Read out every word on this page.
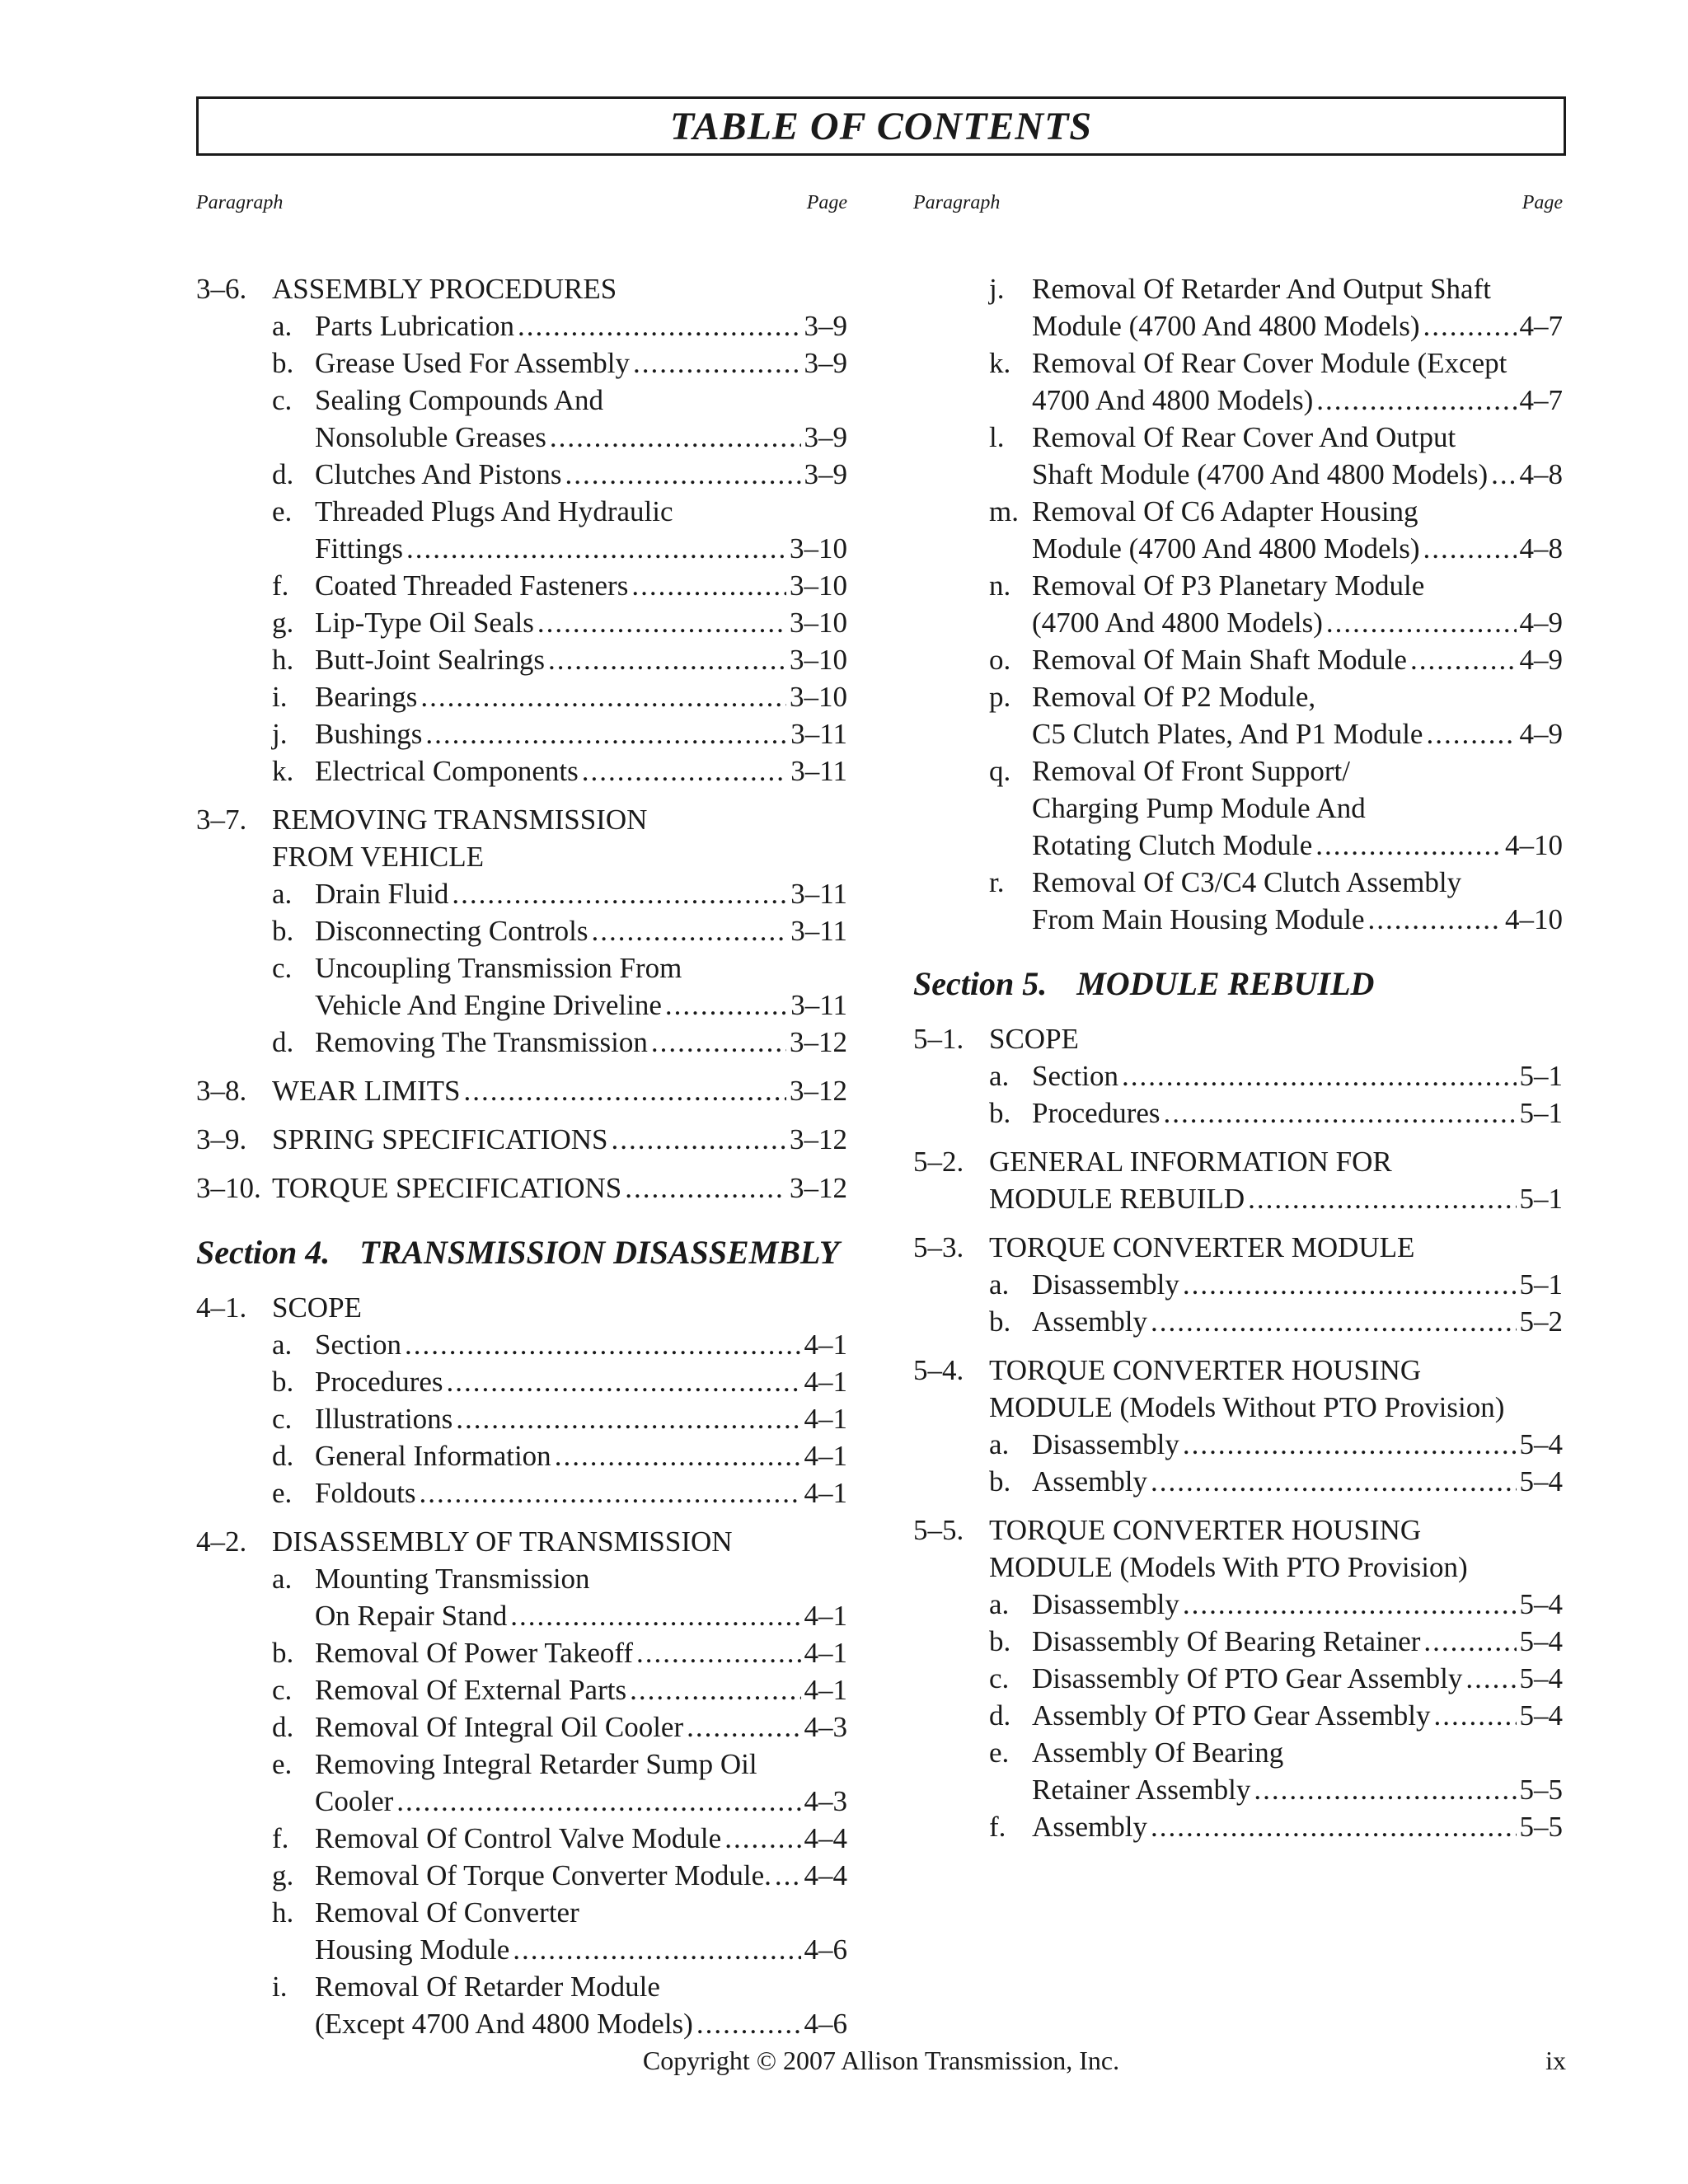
TABLE OF CONTENTS
Paragraph	Page
3–6. ASSEMBLY PROCEDURES
a. Parts Lubrication .....	3–9
b. Grease Used For Assembly .....	3–9
c. Sealing Compounds And
Nonsoluble Greases .....	3–9
d. Clutches And Pistons .....	3–9
e. Threaded Plugs And Hydraulic
Fittings .....	3–10
f. Coated Threaded Fasteners .....	3–10
g. Lip-Type Oil Seals .....	3–10
h. Butt-Joint Sealrings .....	3–10
i. Bearings .....	3–10
j. Bushings .....	3–11
k. Electrical Components .....	3–11
3–7. REMOVING TRANSMISSION
FROM VEHICLE
a. Drain Fluid .....	3–11
b. Disconnecting Controls .....	3–11
c. Uncoupling Transmission From
Vehicle And Engine Driveline .....	3–11
d. Removing The Transmission .....	3–12
3–8. WEAR LIMITS .....	3–12
3–9. SPRING SPECIFICATIONS .....	3–12
3–10. TORQUE SPECIFICATIONS .....	3–12
Section 4. TRANSMISSION DISASSEMBLY
4–1. SCOPE
a. Section .....	4–1
b. Procedures .....	4–1
c. Illustrations .....	4–1
d. General Information .....	4–1
e. Foldouts .....	4–1
4–2. DISASSEMBLY OF TRANSMISSION
a. Mounting Transmission
On Repair Stand .....	4–1
b. Removal Of Power Takeoff .....	4–1
c. Removal Of External Parts .....	4–1
d. Removal Of Integral Oil Cooler .....	4–3
e. Removing Integral Retarder Sump Oil
Cooler .....	4–3
f. Removal Of Control Valve Module .....	4–4
g. Removal Of Torque Converter Module. ..... 4–4
h. Removal Of Converter
Housing Module .....	4–6
i. Removal Of Retarder Module
(Except 4700 And 4800 Models) .....	4–6
Paragraph	Page
j. Removal Of Retarder And Output Shaft
Module (4700 And 4800 Models) .....	4–7
k. Removal Of Rear Cover Module (Except
4700 And 4800 Models) .....	4–7
l. Removal Of Rear Cover And Output
Shaft Module (4700 And 4800 Models) ..... 4–8
m. Removal Of C6 Adapter Housing
Module (4700 And 4800 Models) .....	4–8
n. Removal Of P3 Planetary Module
(4700 And 4800 Models) .....	4–9
o. Removal Of Main Shaft Module .....	4–9
p. Removal Of P2 Module,
C5 Clutch Plates, And P1 Module .....	4–9
q. Removal Of Front Support/
Charging Pump Module And
Rotating Clutch Module .....	4–10
r. Removal Of C3/C4 Clutch Assembly
From Main Housing Module .....	4–10
Section 5. MODULE REBUILD
5–1. SCOPE
a. Section .....	5–1
b. Procedures .....	5–1
5–2. GENERAL INFORMATION FOR
MODULE REBUILD .....	5–1
5–3. TORQUE CONVERTER MODULE
a. Disassembly .....	5–1
b. Assembly .....	5–2
5–4. TORQUE CONVERTER HOUSING
MODULE (Models Without PTO Provision)
a. Disassembly .....	5–4
b. Assembly .....	5–4
5–5. TORQUE CONVERTER HOUSING
MODULE (Models With PTO Provision)
a. Disassembly .....	5–4
b. Disassembly Of Bearing Retainer .....	5–4
c. Disassembly Of PTO Gear Assembly ..... 5–4
d. Assembly Of PTO Gear Assembly .....	5–4
e. Assembly Of Bearing
Retainer Assembly .....	5–5
f. Assembly .....	5–5
Copyright © 2007 Allison Transmission, Inc.	ix
